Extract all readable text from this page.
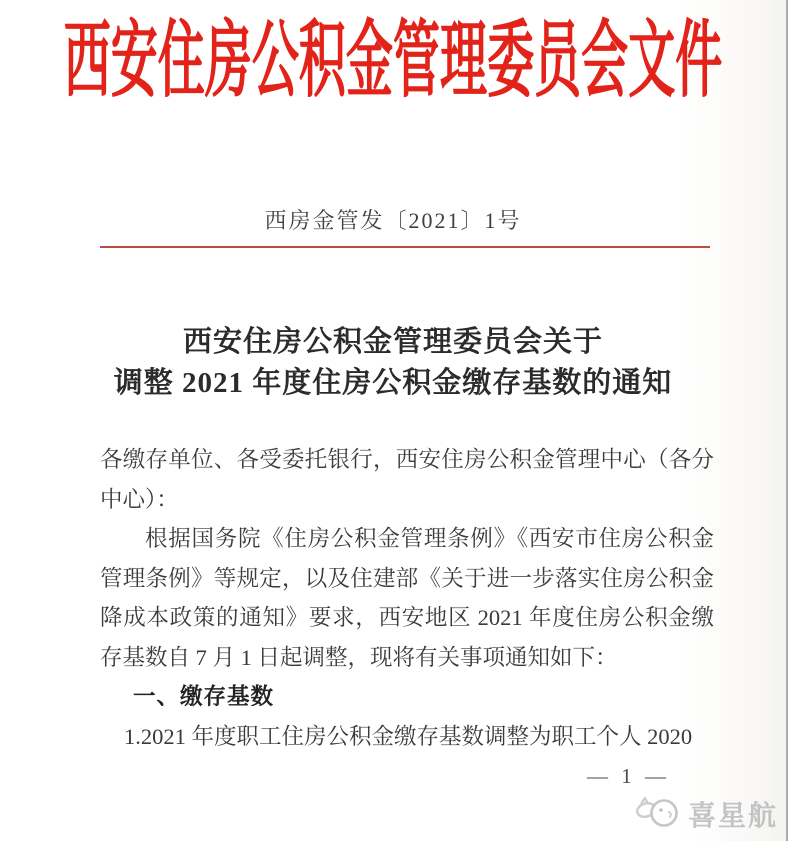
西安住房公积金管理委员会文件
西房金管发〔2021〕1号
西安住房公积金管理委员会关于
调整 2021 年度住房公积金缴存基数的通知

各缴存单位、各受委托银行，西安住房公积金管理中心（各分中心）：

根据国务院《住房公积金管理条例》《西安市住房公积金管理条例》等规定，以及住建部《关于进一步落实住房公积金降成本政策的通知》要求，西安地区 2021 年度住房公积金缴存基数自 7 月 1 日起调整，现将有关事项通知如下：

一、缴存基数

1.2021 年度职工住房公积金缴存基数调整为职工个人 2020

— 1 —
喜星航
